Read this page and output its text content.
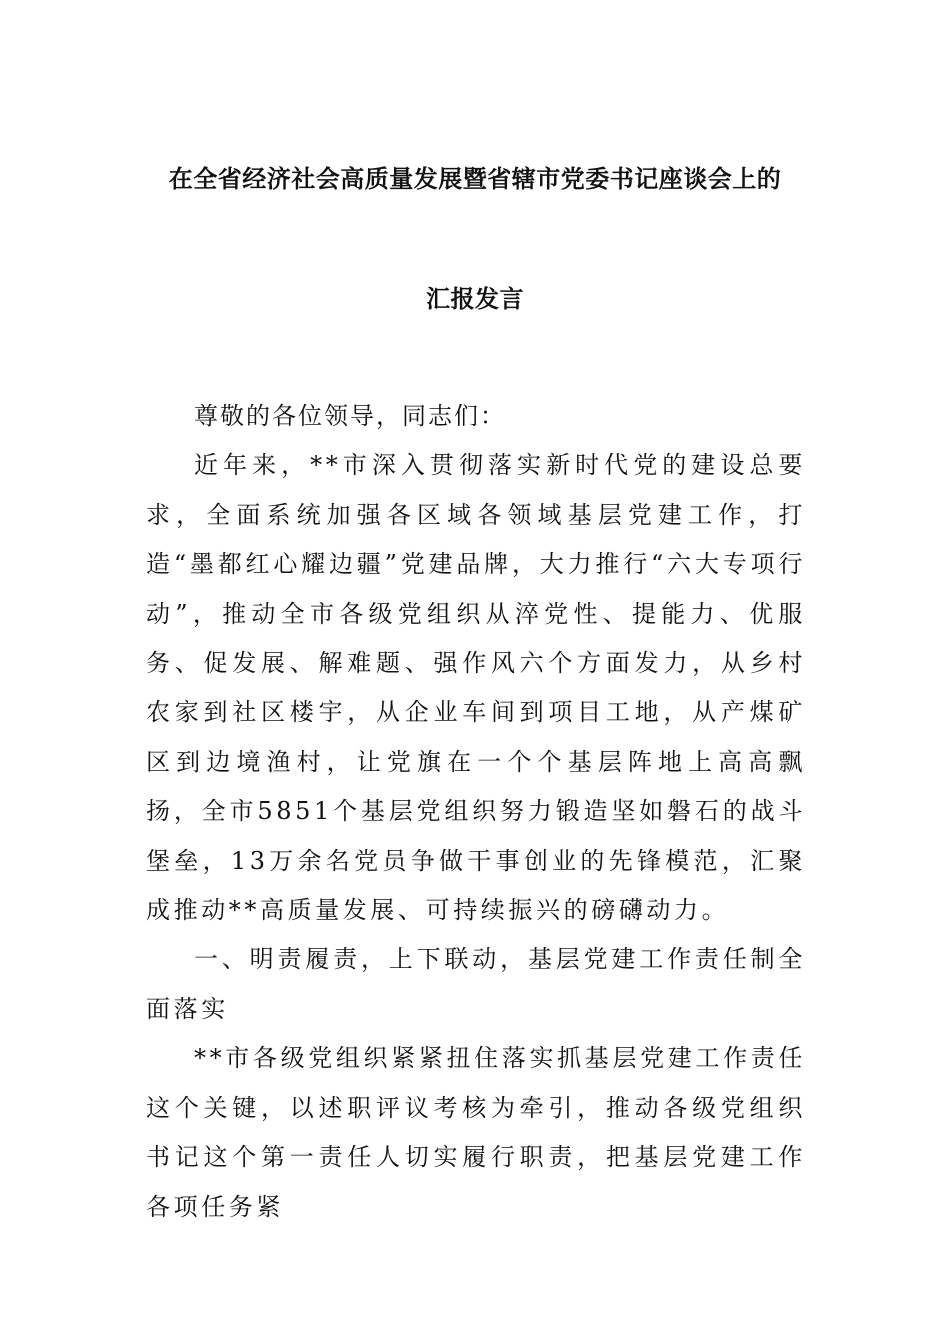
在全省经济社会高质量发展暨省辖市党委书记座谈会上的
汇报发言

尊敬的各位领导，同志们：

近年来，**市深入贯彻落实新时代党的建设总要求，全面系统加强各区域各领域基层党建工作，打造“墨都红心耀边疆”党建品牌，大力推行“六大专项行动”，推动全市各级党组织从淬党性、提能力、优服务、促发展、解难题、强作风六个方面发力，从乡村农家到社区楼宇，从企业车间到项目工地，从产煤矿区到边境渔村，让党旗在一个个基层阵地上高高飘扬，全市5851个基层党组织努力锻造坚如磐石的战斗堡垒，13万余名党员争做干事创业的先锋模范，汇聚成推动**高质量发展、可持续振兴的磅礴动力。

一、明责履责，上下联动，基层党建工作责任制全面落实

**市各级党组织紧紧扭住落实抓基层党建工作责任这个关键，以述职评议考核为牵引，推动各级党组织书记这个第一责任人切实履行职责，把基层党建工作各项任务紧
